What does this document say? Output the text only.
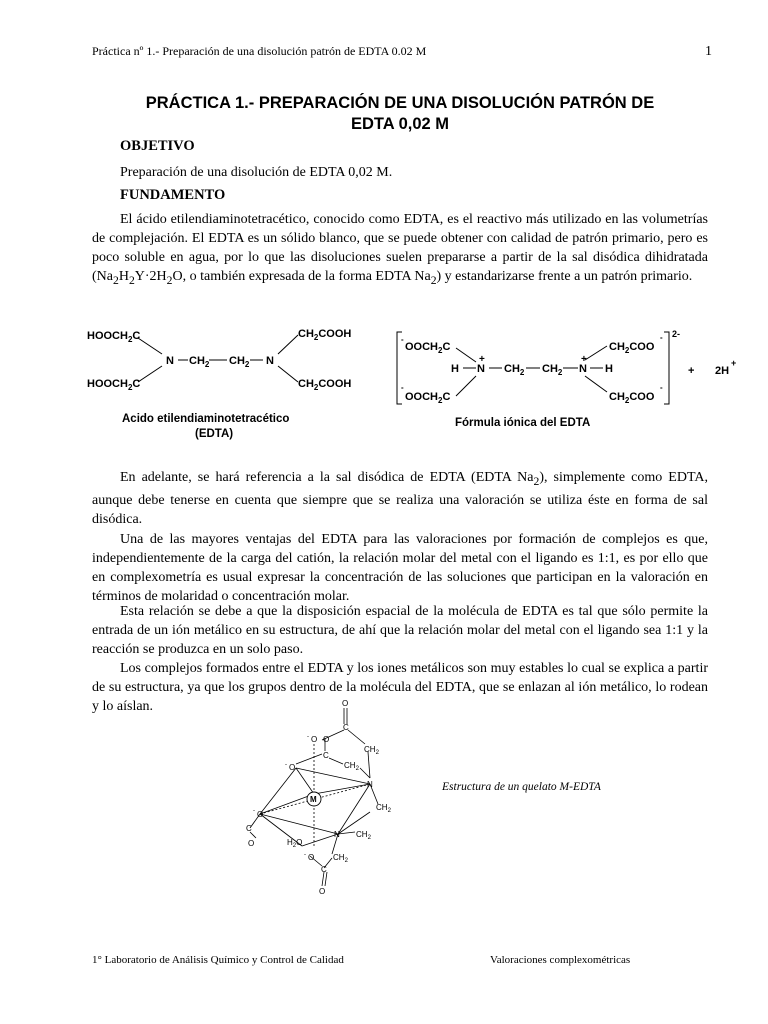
Práctica nº 1.- Preparación de una disolución patrón de EDTA 0.02 M	1
PRÁCTICA 1.- PREPARACIÓN DE UNA DISOLUCIÓN PATRÓN DE
EDTA 0,02 M
OBJETIVO
Preparación de una disolución de EDTA 0,02 M.
FUNDAMENTO
El ácido etilendiaminotetracético, conocido como EDTA, es el reactivo más utilizado en las volumetrías de complejación. El EDTA es un sólido blanco, que se puede obtener con calidad de patrón primario, pero es poco soluble en agua, por lo que las disoluciones suelen prepararse a partir de la sal disódica dihidratada ($Na_2H_2Y\cdot 2H_2O$, o también expresada de la forma EDTA $Na_2$) y estandarizarse frente a un patrón primario.
$HOOCH_2C$
$HOOCH_2C$
$CH_2COOH$
$CH_2COOH$
N	N
$CH_2$ $CH_2$
Acido etilendiaminotetracético
(EDTA)
-
$OOCH_2C$
-
$OOCH_2C$
H
+
N $CH_2$ $CH_2$
+
N H
$CH_2COO$
-
$CH_2COO$
-
2-
+ 2H
+
Fórmula iónica del EDTA
En adelante, se hará referencia a la sal disódica de EDTA (EDTA $Na_2$), simplemente como EDTA, aunque debe tenerse en cuenta que siempre que se realiza una valoración se utiliza éste en forma de sal disódica.
Una de las mayores ventajas del EDTA para las valoraciones por formación de complejos es que, independientemente de la carga del catión, la relación molar del metal con el ligando es 1:1, es por ello que en complexometría es usual expresar la concentración de las soluciones que participan en la valoración en términos de molaridad o concentración molar.
Esta relación se debe a que la disposición espacial de la molécula de EDTA es tal que sólo permite la entrada de un ión metálico en su estructura, de ahí que la relación molar del metal con el ligando sea 1:1 y la reacción se produzca en un solo paso.
Los complejos formados entre el EDTA y los iones metálicos son muy estables lo cual se explica a partir de su estructura, ya que los grupos dentro de la molécula del EDTA, que se enlazan al ión metálico, lo rodean y lo aíslan.	O
C
$CH_2$
- O O
C
$CH_2$
- O
N
M
$CH_2$
- O
C
O
N $CH_2$
$H_2O$
- O $CH_2$
C
O
Estructura de un quelato M-EDTA
1° Laboratorio de Análisis Químico y Control de Calidad	Valoraciones complexométricas
